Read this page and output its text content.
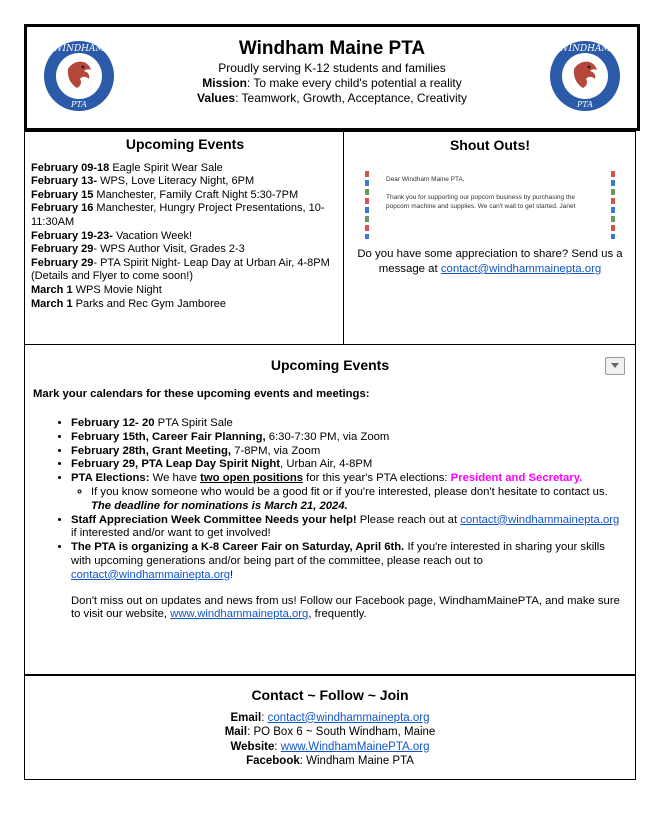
WINDHAM
PTA
Windham Maine PTA
Proudly serving K-12 students and families
Mission: To make every child's potential a reality
Values: Teamwork, Growth, Acceptance, Creativity
WINDHAM
PTA
Upcoming Events
February 09-18 Eagle Spirit Wear Sale
February 13- WPS, Love Literacy Night, 6PM
February 15 Manchester, Family Craft Night 5:30-7PM
February 16 Manchester, Hungry Project Presentations, 10-11:30AM
February 19-23- Vacation Week!
February 29- WPS Author Visit, Grades 2-3
February 29- PTA Spirit Night- Leap Day at Urban Air, 4-8PM (Details and Flyer to come soon!)
March 1 WPS Movie Night
March 1 Parks and Rec Gym Jamboree
Shout Outs!
Dear Windham Maine PTA,
Thank you for supporting our popcorn business by purchasing the popcorn machine and supplies. We can't wait to get started. Janet
Do you have some appreciation to share? Send us a message at contact@windhammainepta.org
Upcoming Events
Mark your calendars for these upcoming events and meetings:
• February 12- 20 PTA Spirit Sale
• February 15th, Career Fair Planning, 6:30-7:30 PM, via Zoom
• February 28th, Grant Meeting, 7-8PM, via Zoom
• February 29, PTA Leap Day Spirit Night, Urban Air, 4-8PM
• PTA Elections: We have two open positions for this year's PTA elections: President and Secretary.
◦ If you know someone who would be a good fit or if you're interested, please don't hesitate to contact us. The deadline for nominations is March 21, 2024.
• Staff Appreciation Week Committee Needs your help! Please reach out at contact@windhammainepta.org if interested and/or want to get involved!
• The PTA is organizing a K-8 Career Fair on Saturday, April 6th. If you're interested in sharing your skills with upcoming generations and/or being part of the committee, please reach out to contact@windhammainepta.org!
Don't miss out on updates and news from us! Follow our Facebook page, WindhamMainePTA, and make sure to visit our website, www.windhammainepta.org, frequently.
Contact ~ Follow ~ Join
Email: contact@windhammainepta.org
Mail: PO Box 6 ~ South Windham, Maine
Website: www.WindhamMainePTA.org
Facebook: Windham Maine PTA
